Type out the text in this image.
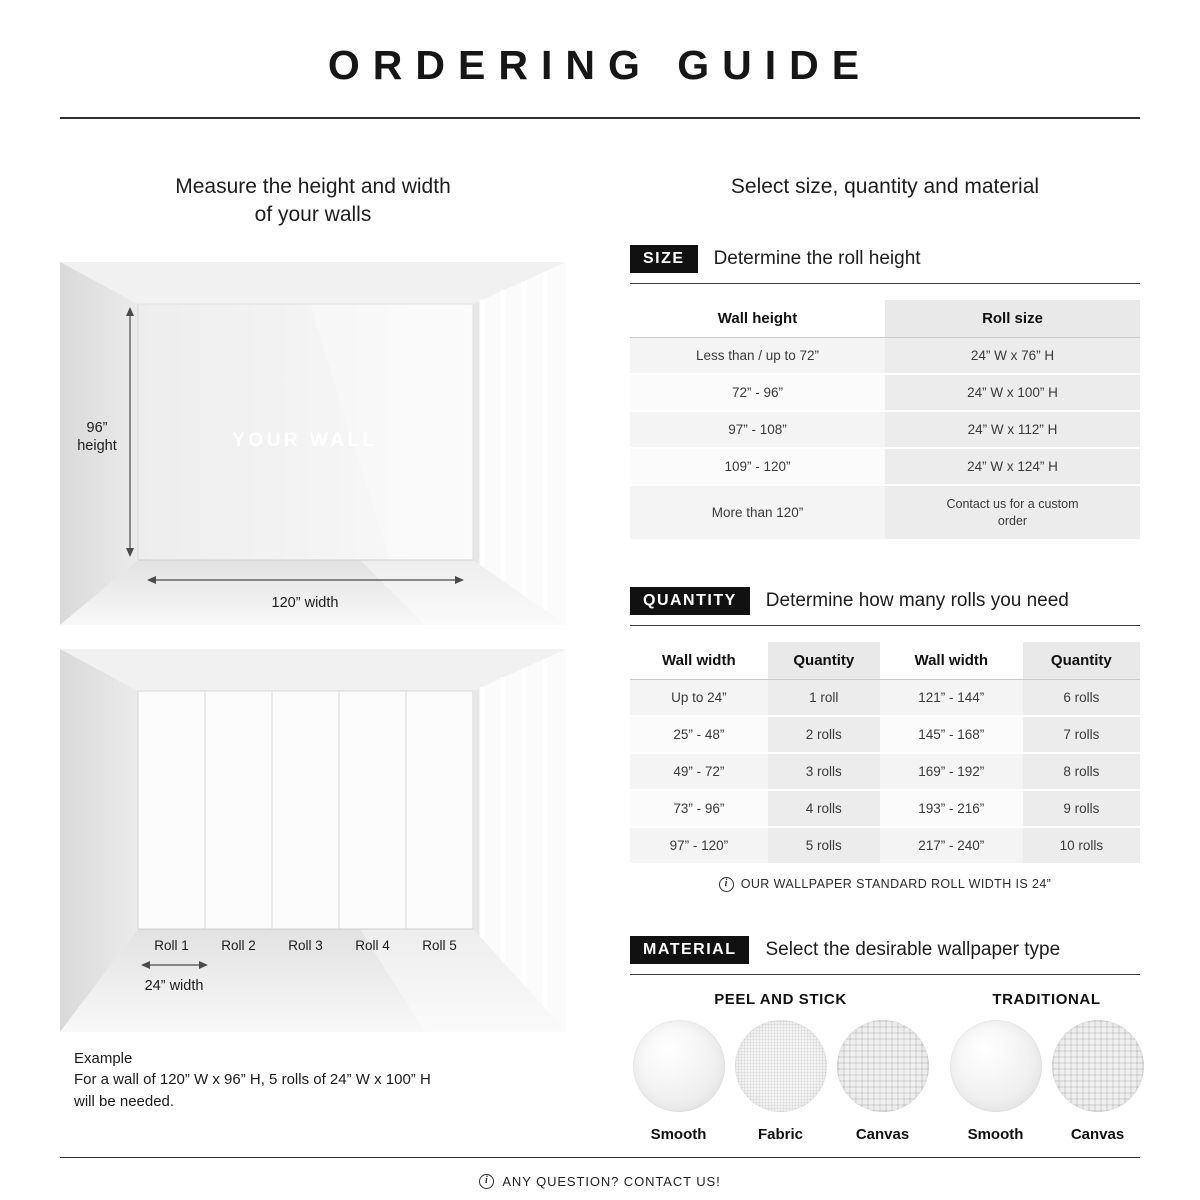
ORDERING GUIDE
Measure the height and width
of your walls
96”
height	YOUR WALL
120” width
Roll 1 Roll 2 Roll 3 Roll 4 Roll 5
24” width
Example
For a wall of 120” W x 96” H, 5 rolls of 24” W x 100” H
will be needed.
Select size, quantity and material
SIZE	Determine the roll height
Wall height	Roll size
Less than / up to 72”	24” W x 76” H
72” - 96”	24” W x 100” H
97” - 108”	24” W x 112” H
109” - 120”	24” W x 124” H
More than 120”	Contact us for a custom order
QUANTITY	Determine how many rolls you need
Wall width	Quantity	Wall width	Quantity
Up to 24”	1 roll	121” - 144”	6 rolls
25” - 48”	2 rolls	145” - 168”	7 rolls
49” - 72”	3 rolls	169” - 192”	8 rolls
73” - 96”	4 rolls	193” - 216”	9 rolls
97” - 120”	5 rolls	217” - 240”	10 rolls
i
OUR WALLPAPER STANDARD ROLL WIDTH IS 24”
MATERIAL	Select the desirable wallpaper type
PEEL AND STICK
Smooth	Fabric	Canvas
TRADITIONAL
Smooth	Canvas
i
ANY QUESTION? CONTACT US!
